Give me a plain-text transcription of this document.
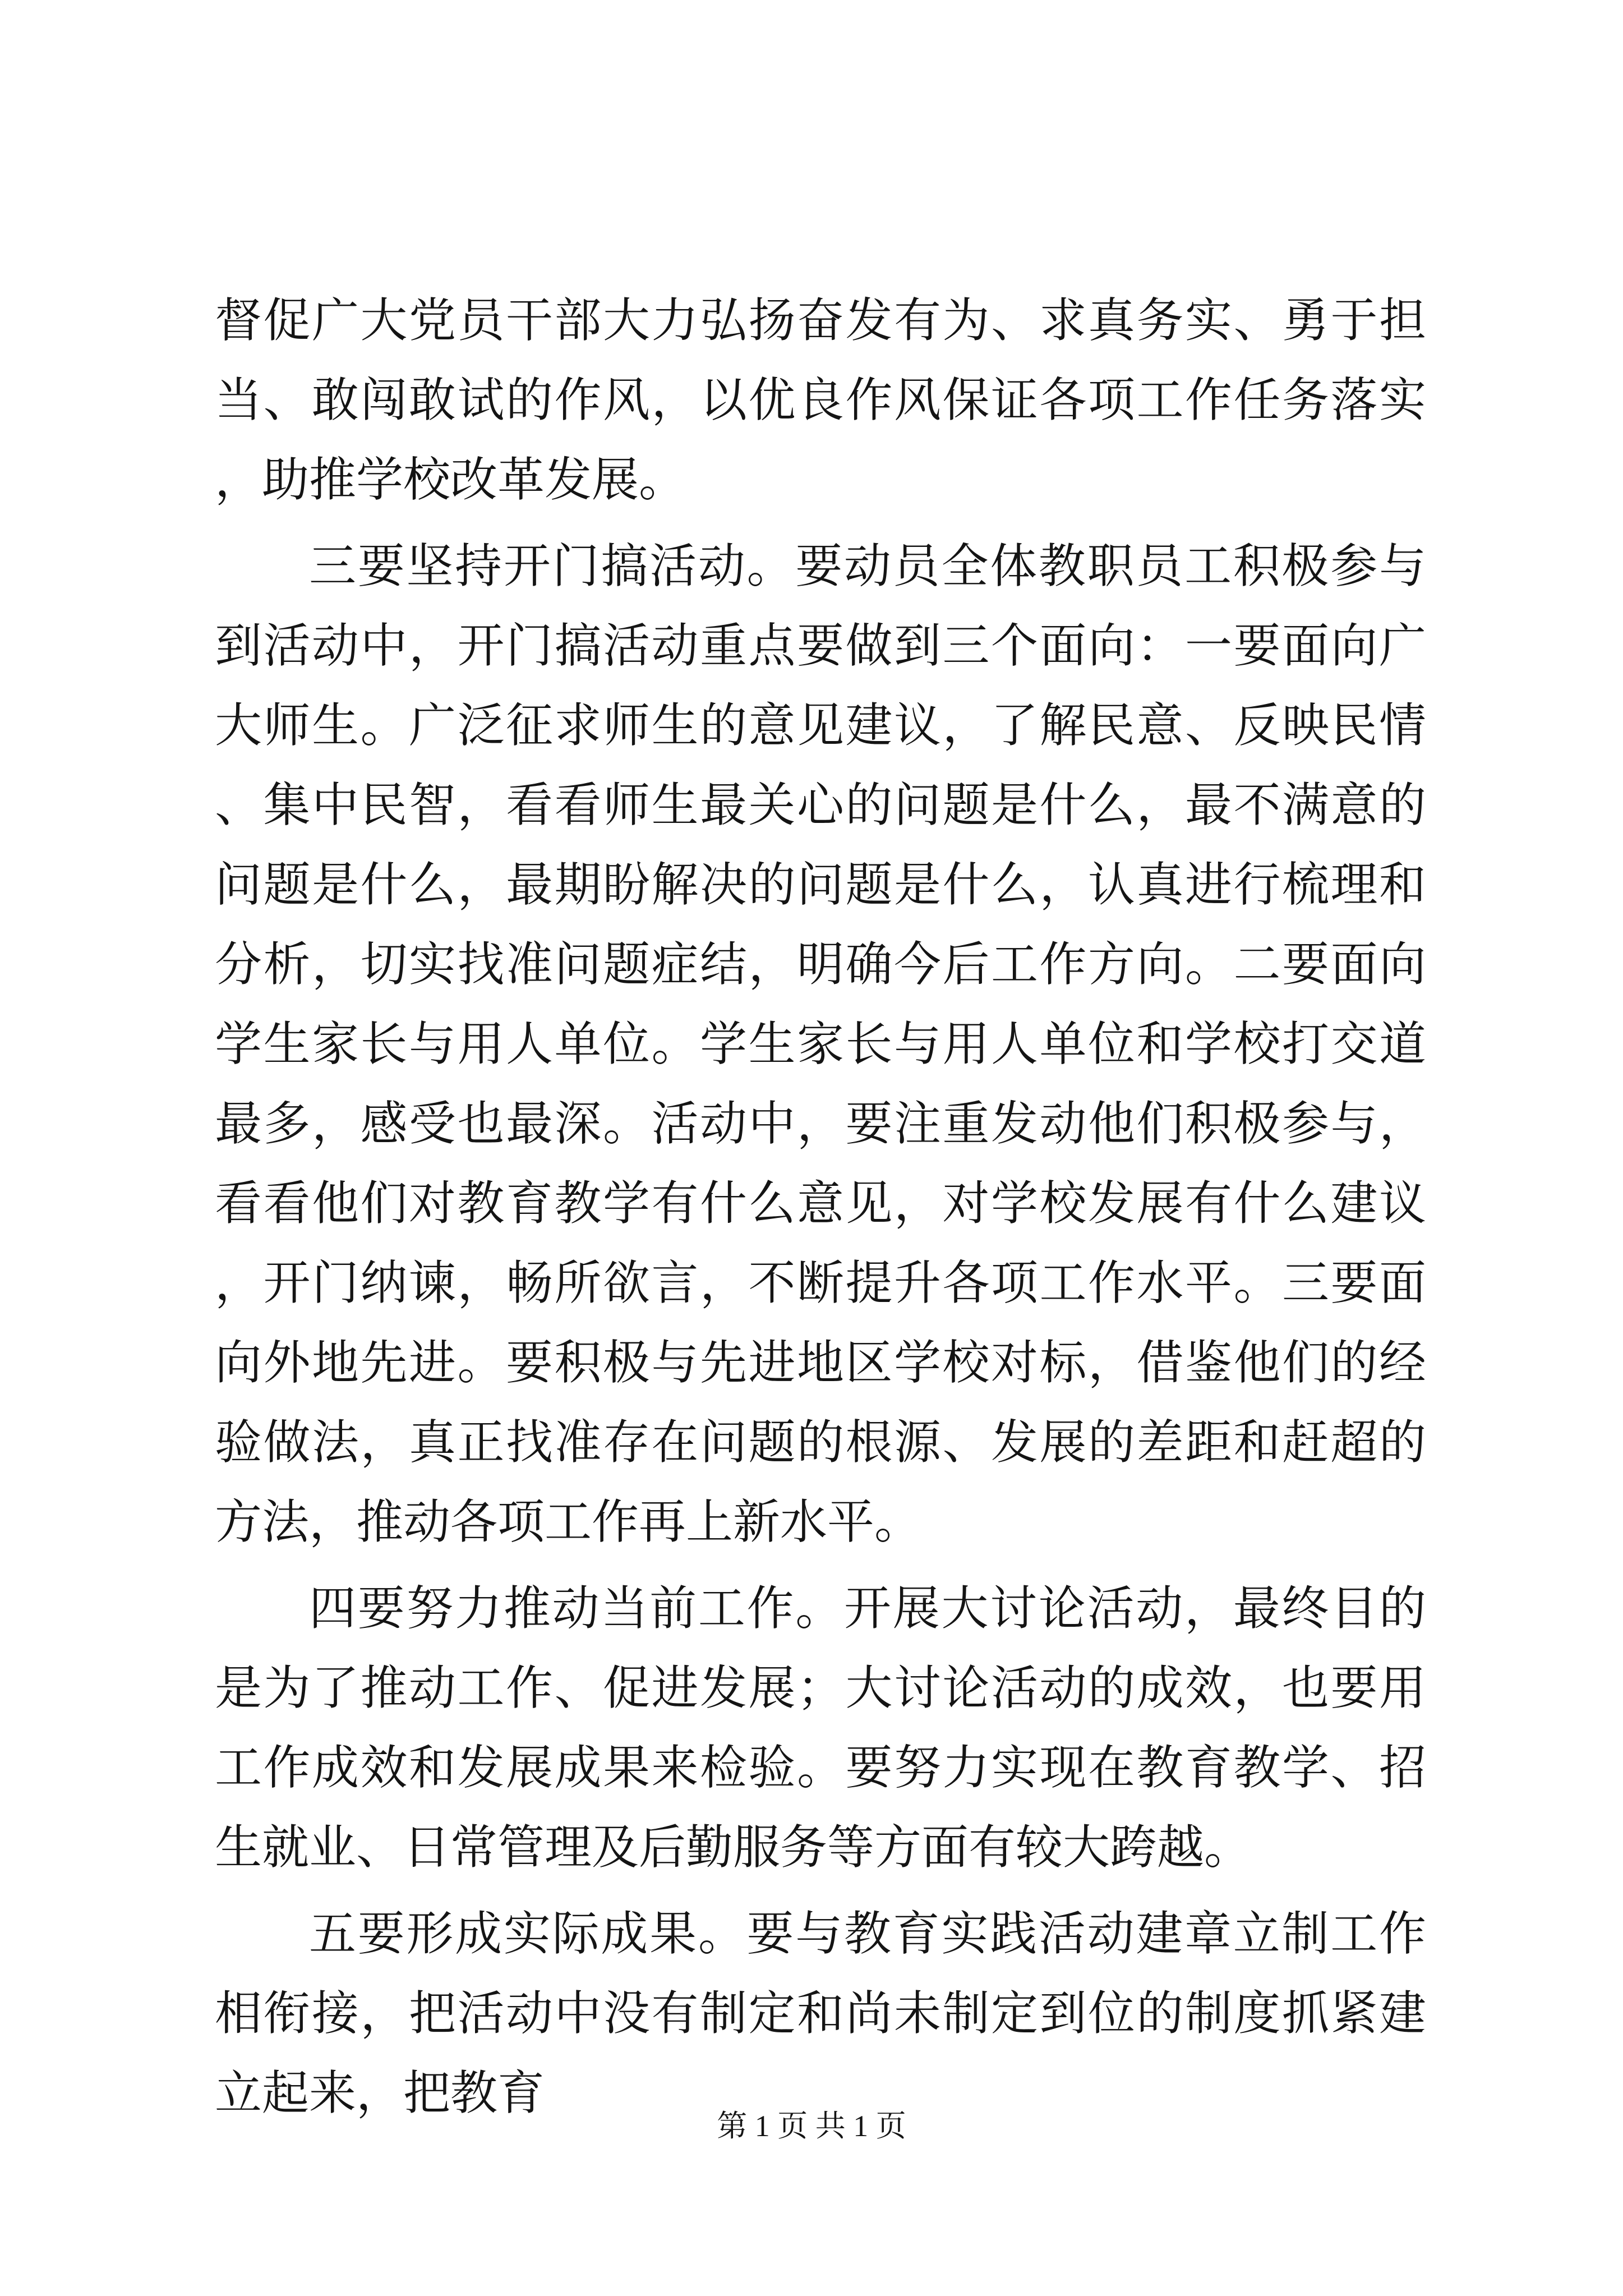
督促广大党员干部大力弘扬奋发有为、求真务实、勇于担当、敢闯敢试的作风，以优良作风保证各项工作任务落实，助推学校改革发展。

三要坚持开门搞活动。要动员全体教职员工积极参与到活动中，开门搞活动重点要做到三个面向：一要面向广大师生。广泛征求师生的意见建议，了解民意、反映民情、集中民智，看看师生最关心的问题是什么，最不满意的问题是什么，最期盼解决的问题是什么，认真进行梳理和分析，切实找准问题症结，明确今后工作方向。二要面向学生家长与用人单位。学生家长与用人单位和学校打交道最多，感受也最深。活动中，要注重发动他们积极参与，看看他们对教育教学有什么意见，对学校发展有什么建议，开门纳谏，畅所欲言，不断提升各项工作水平。三要面向外地先进。要积极与先进地区学校对标，借鉴他们的经验做法，真正找准存在问题的根源、发展的差距和赶超的方法，推动各项工作再上新水平。

四要努力推动当前工作。开展大讨论活动，最终目的是为了推动工作、促进发展；大讨论活动的成效，也要用工作成效和发展成果来检验。要努力实现在教育教学、招生就业、日常管理及后勤服务等方面有较大跨越。

五要形成实际成果。要与教育实践活动建章立制工作相衔接，把活动中没有制定和尚未制定到位的制度抓紧建立起来，把教育

第 1 页 共 1 页
